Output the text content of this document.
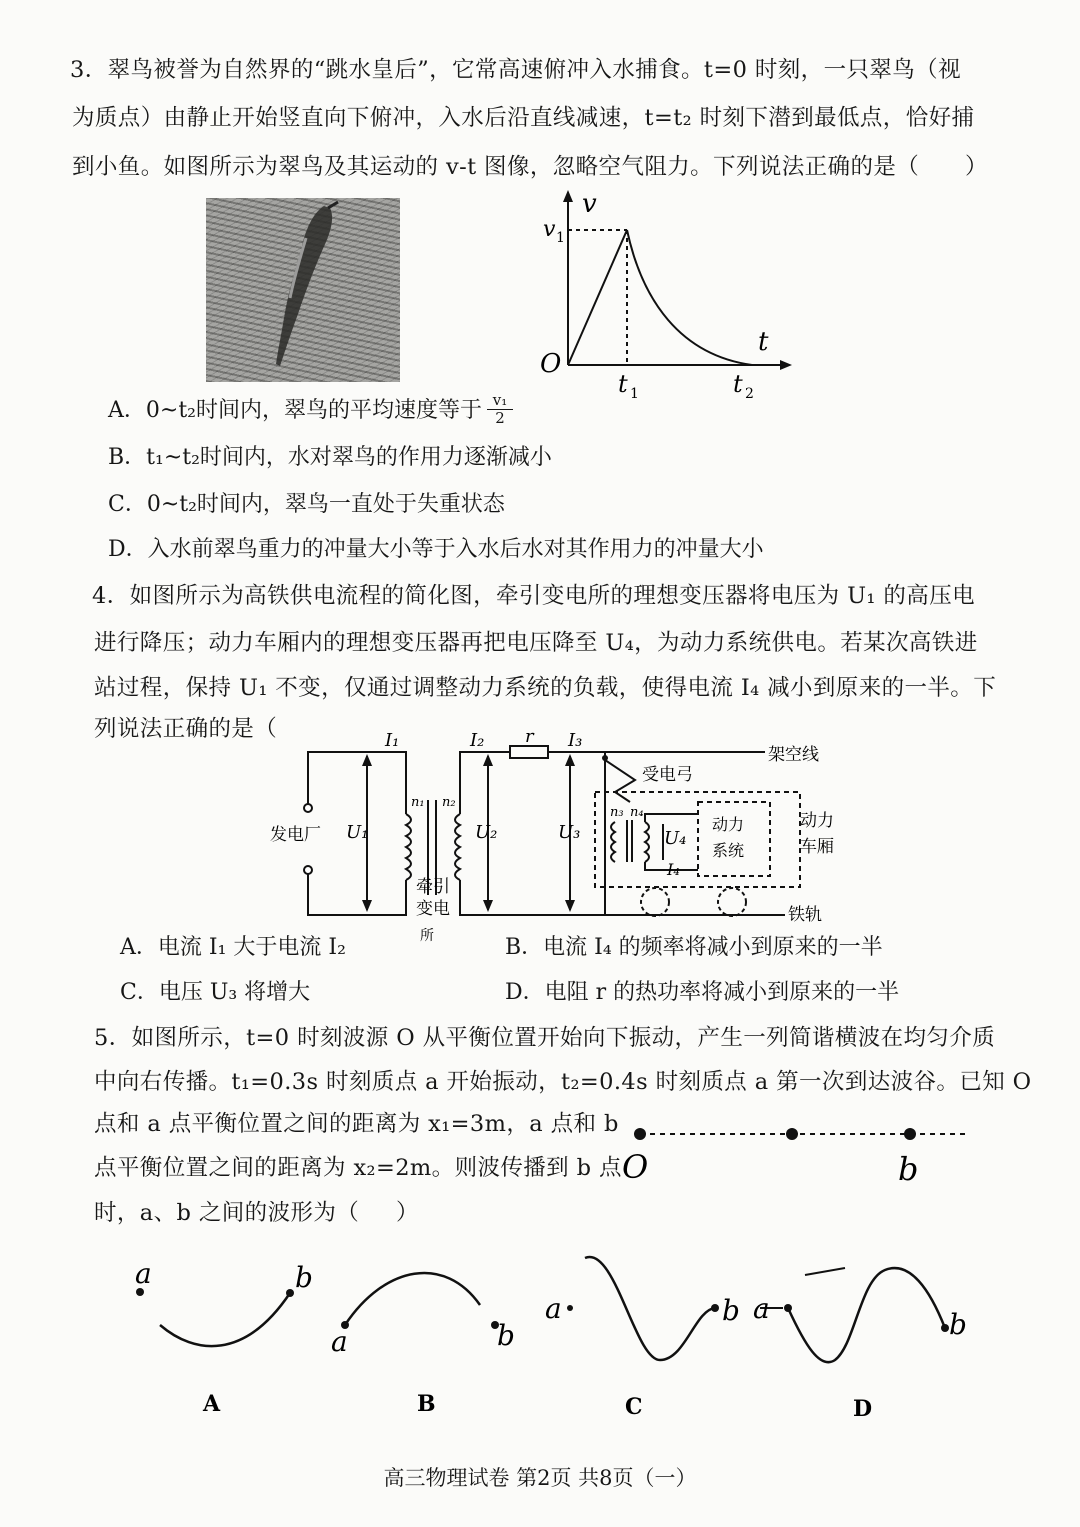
3．翠鸟被誉为自然界的“跳水皇后”，它常高速俯冲入水捕食。t=0 时刻，一只翠鸟（视
为质点）由静止开始竖直向下俯冲，入水后沿直线减速，t=t₂ 时刻下潜到最低点，恰好捕
到小鱼。如图所示为翠鸟及其运动的 v-t 图像，忽略空气阻力。下列说法正确的是（ ）
v
t
O
v 1
t 1	t 2
A．0~t₂时间内，翠鸟的平均速度等于 $\frac{\text{v₁}}{2}$
B．t₁~t₂时间内，水对翠鸟的作用力逐渐减小
C．0~t₂时间内，翠鸟一直处于失重状态
D．入水前翠鸟重力的冲量大小等于入水后水对其作用力的冲量大小
4．如图所示为高铁供电流程的简化图，牵引变电所的理想变压器将电压为 U₁ 的高压电
进行降压；动力车厢内的理想变压器再把电压降至 U₄，为动力系统供电。若某次高铁进
站过程，保持 U₁ 不变，仅通过调整动力系统的负载，使得电流 I₄ 减小到原来的一半。下
列说法正确的是（	I₁	I₂ r I₃
U₁	U₂	U₃	U₄
I₄
n₁ n₂
n₃ n₄
发电厂
架空线
受电弓
动力
车厢
动力
系统
牵引
变电
所
铁轨
A．电流 I₁ 大于电流 I₂	B．电流 I₄ 的频率将减小到原来的一半
C．电压 U₃ 将增大	D．电阻 r 的热功率将减小到原来的一半
5．如图所示，t=0 时刻波源 O 从平衡位置开始向下振动，产生一列简谐横波在均匀介质
中向右传播。t₁=0.3s 时刻质点 a 开始振动，t₂=0.4s 时刻质点 a 第一次到达波谷。已知 O
点和 a 点平衡位置之间的距离为 x₁=3m，a 点和 b
点平衡位置之间的距离为 x₂=2m。则波传播到 b 点
时，a、b 之间的波形为（ ）
O	b
a	b
A
a	b
B
a	b
C
a	b
D
高三物理试卷 第2页 共8页（一）
